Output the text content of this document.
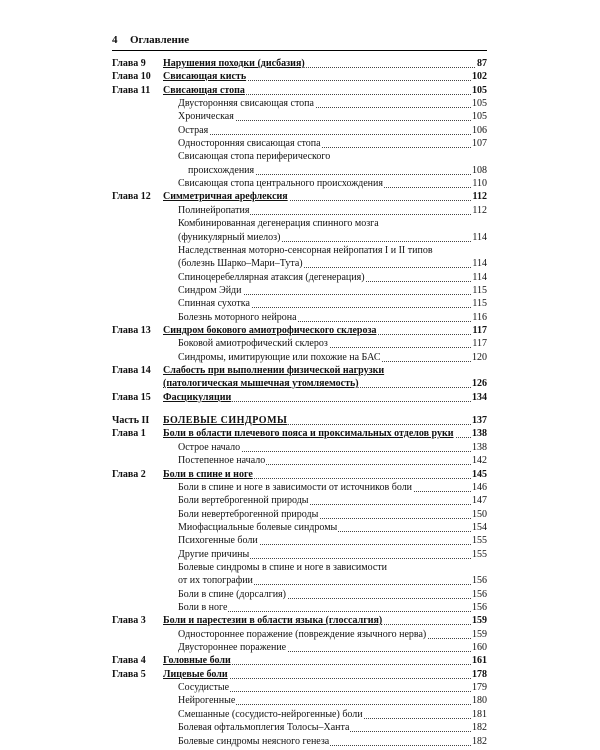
4 Оглавление
Глава 9 Нарушения походки (дисбазия)	87
Глава 10 Свисающая кисть	102
Глава 11 Свисающая стопа	105
Двусторонняя свисающая стопа	105
Хроническая	105
Острая	106
Односторонняя свисающая стопа	107
Свисающая стопа периферического
происхождения	108
Свисающая стопа центрального происхождения	110
Глава 12 Симметричная арефлексия	112
Полинейропатия	112
Комбинированная дегенерация спинного мозга
(фуникулярный миелоз)	114
Наследственная моторно-сенсорная нейропатия I и II типов
(болезнь Шарко–Мари–Тута)	114
Спиноцеребеллярная атаксия (дегенерация)	114
Синдром Эйди	115
Спинная сухотка	115
Болезнь моторного нейрона	116
Глава 13 Синдром бокового амиотрофического склероза	117
Боковой амиотрофический склероз	117
Синдромы, имитирующие или похожие на БАС	120
Глава 14 Слабость при выполнении физической нагрузки
(патологическая мышечная утомляемость)	126
Глава 15 Фасцикуляции	134
Часть II БОЛЕВЫЕ СИНДРОМЫ	137
Глава 1 Боли в области плечевого пояса и проксимальных отделов руки 138
Острое начало	138
Постепенное начало	142
Глава 2 Боли в спине и ноге	145
Боли в спине и ноге в зависимости от источников боли	146
Боли вертеброгенной природы	147
Боли невертеброгенной природы	150
Миофасциальные болевые синдромы	154
Психогенные боли	155
Другие причины	155
Болевые синдромы в спине и ноге в зависимости
от их топографии	156
Боли в спине (дорсалгия)	156
Боли в ноге	156
Глава 3 Боли и парестезии в области языка (глоссалгия)	159
Одностороннее поражение (повреждение язычного нерва)	159
Двустороннее поражение	160
Глава 4 Головные боли	161
Глава 5 Лицевые боли	178
Сосудистые	179
Нейрогенные	180
Смешанные (сосудисто-нейрогенные) боли	181
Болевая офтальмоплегия Толосы–Ханта	182
Болевые синдромы неясного генеза	182
